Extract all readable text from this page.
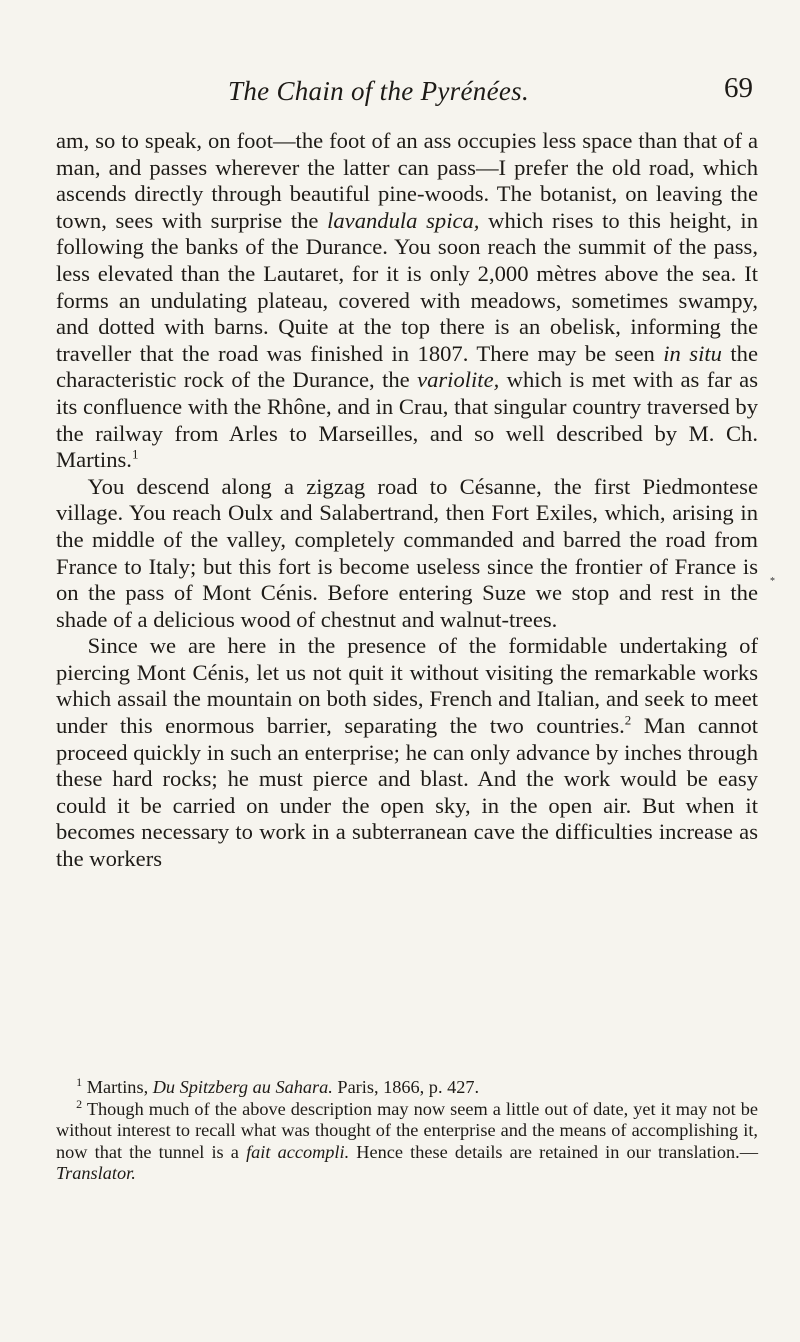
The Chain of the Pyrénées.	69
*

am, so to speak, on foot—the foot of an ass occupies less space than that of a man, and passes wherever the latter can pass—I prefer the old road, which ascends directly through beautiful pine-woods. The botanist, on leaving the town, sees with surprise the lavandula spica, which rises to this height, in following the banks of the Durance. You soon reach the summit of the pass, less elevated than the Lautaret, for it is only 2,000 mètres above the sea. It forms an undulating plateau, covered with meadows, sometimes swampy, and dotted with barns. Quite at the top there is an obelisk, informing the traveller that the road was finished in 1807. There may be seen in situ the characteristic rock of the Durance, the variolite, which is met with as far as its confluence with the Rhône, and in Crau, that singular country traversed by the railway from Arles to Marseilles, and so well described by M. Ch. Martins.$^1$

You descend along a zigzag road to Césanne, the first Piedmontese village. You reach Oulx and Salabertrand, then Fort Exiles, which, arising in the middle of the valley, completely commanded and barred the road from France to Italy; but this fort is become useless since the frontier of France is on the pass of Mont Cénis. Before entering Suze we stop and rest in the shade of a delicious wood of chestnut and walnut-trees.

Since we are here in the presence of the formidable undertaking of piercing Mont Cénis, let us not quit it without visiting the remarkable works which assail the mountain on both sides, French and Italian, and seek to meet under this enormous barrier, separating the two countries.$^2$ Man cannot proceed quickly in such an enterprise; he can only advance by inches through these hard rocks; he must pierce and blast. And the work would be easy could it be carried on under the open sky, in the open air. But when it becomes necessary to work in a subterranean cave the difficulties increase as the workers

$^1$ Martins, Du Spitzberg au Sahara. Paris, 1866, p. 427.

$^2$ Though much of the above description may now seem a little out of date, yet it may not be without interest to recall what was thought of the enterprise and the means of accomplishing it, now that the tunnel is a fait accompli. Hence these details are retained in our translation.—Translator.
